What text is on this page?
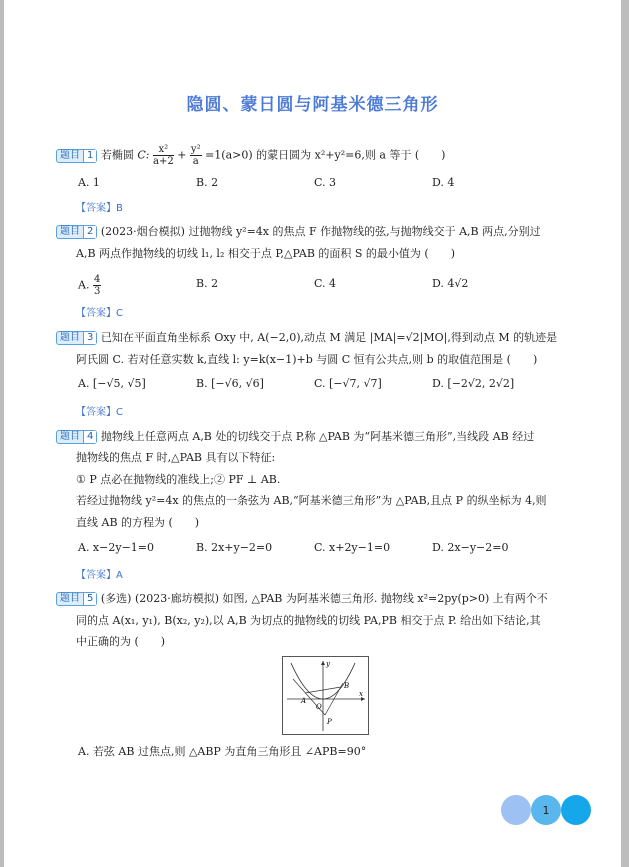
隐圆、蒙日圆与阿基米德三角形
题目 1 若椭圆 C: $\frac{\text{x²}}{a+2} + \frac{\text{y²}}{a} =1(a>0)$ 的蒙日圆为 x²+y²=6,则 a 等于 (　　)
A. 1	B. 2	C. 3	D. 4
【答案】B
题目 2 (2023·烟台模拟) 过抛物线 y²=4x 的焦点 F 作抛物线的弦,与抛物线交于 A,B 两点,分别过
A,B 两点作抛物线的切线 l₁, l₂ 相交于点 P,△PAB 的面积 S 的最小值为 (　　)
A. $\frac{4}{3}$	B. 2	C. 4	D. 4√2
【答案】C
题目 3 已知在平面直角坐标系 Oxy 中, A(−2,0),动点 M 满足 |MA|=√2|MO|,得到动点 M 的轨迹是
阿氏圆 C. 若对任意实数 k,直线 l: y=k(x−1)+b 与圆 C 恒有公共点,则 b 的取值范围是 (　　)
A. [−√5, √5]	B. [−√6, √6]	C. [−√7, √7]	D. [−2√2, 2√2]
【答案】C
题目 4 抛物线上任意两点 A,B 处的切线交于点 P,称 △PAB 为“阿基米德三角形”,当线段 AB 经过
抛物线的焦点 F 时,△PAB 具有以下特征:
① P 点必在抛物线的准线上;② PF ⊥ AB.
若经过抛物线 y²=4x 的焦点的一条弦为 AB,“阿基米德三角形”为 △PAB,且点 P 的纵坐标为 4,则
直线 AB 的方程为 (　　)
A. x−2y−1=0	B. 2x+y−2=0	C. x+2y−1=0	D. 2x−y−2=0
【答案】A
题目 5 (多选) (2023·廊坊模拟) 如图, △PAB 为阿基米德三角形. 抛物线 x²=2py(p>0) 上有两个不
同的点 A(x₁, y₁), B(x₂, y₂),以 A,B 为切点的抛物线的切线 PA,PB 相交于点 P. 给出如下结论,其
中正确的为 (　　)
y
x
A
O
B
P
A. 若弦 AB 过焦点,则 △ABP 为直角三角形且 ∠APB=90°
1
